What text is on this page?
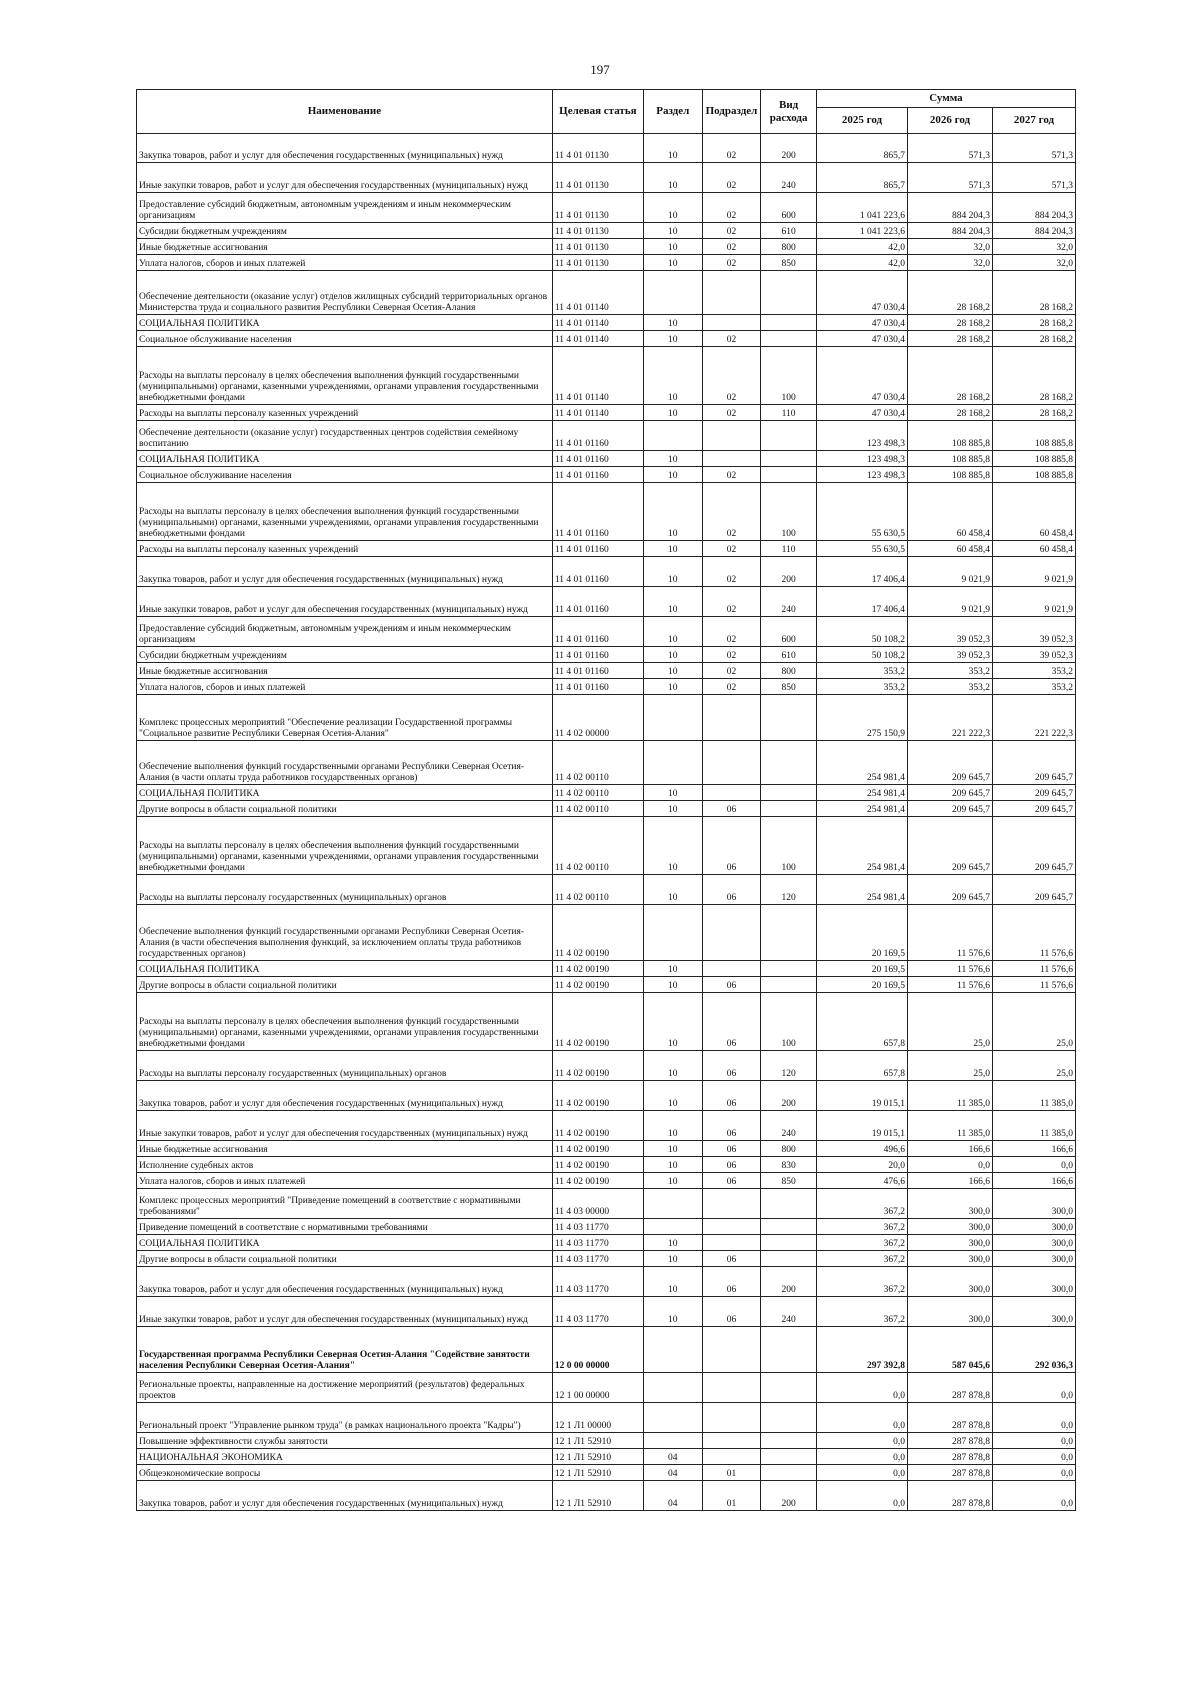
197
Наименование	Целевая статья	Раздел	Подраздел	Вид расхода	Сумма		
					2025 год	2026 год	2027 год
Закупка товаров, работ и услуг для обеспечения государственных (муниципальных) нужд	11 4 01 01130	10	02	200	865,7	571,3	571,3
Иные закупки товаров, работ и услуг для обеспечения государственных (муниципальных) нужд	11 4 01 01130	10	02	240	865,7	571,3	571,3
Предоставление субсидий бюджетным, автономным учреждениям и иным некоммерческим организациям	11 4 01 01130	10	02	600	1 041 223,6	884 204,3	884 204,3
Субсидии бюджетным учреждениям	11 4 01 01130	10	02	610	1 041 223,6	884 204,3	884 204,3
Иные бюджетные ассигнования	11 4 01 01130	10	02	800	42,0	32,0	32,0
Уплата налогов, сборов и иных платежей	11 4 01 01130	10	02	850	42,0	32,0	32,0
Обеспечение деятельности (оказание услуг) отделов жилищных субсидий территориальных органов Министерства труда и социального развития Республики Северная Осетия-Алания	11 4 01 01140				47 030,4	28 168,2	28 168,2
СОЦИАЛЬНАЯ ПОЛИТИКА	11 4 01 01140	10			47 030,4	28 168,2	28 168,2
Социальное обслуживание населения	11 4 01 01140	10	02		47 030,4	28 168,2	28 168,2
Расходы на выплаты персоналу в целях обеспечения выполнения функций государственными (муниципальными) органами, казенными учреждениями, органами управления государственными внебюджетными фондами	11 4 01 01140	10	02	100	47 030,4	28 168,2	28 168,2
Расходы на выплаты персоналу казенных учреждений	11 4 01 01140	10	02	110	47 030,4	28 168,2	28 168,2
Обеспечение деятельности (оказание услуг) государственных центров содействия семейному воспитанию	11 4 01 01160				123 498,3	108 885,8	108 885,8
СОЦИАЛЬНАЯ ПОЛИТИКА	11 4 01 01160	10			123 498,3	108 885,8	108 885,8
Социальное обслуживание населения	11 4 01 01160	10	02		123 498,3	108 885,8	108 885,8
Расходы на выплаты персоналу в целях обеспечения выполнения функций государственными (муниципальными) органами, казенными учреждениями, органами управления государственными внебюджетными фондами	11 4 01 01160	10	02	100	55 630,5	60 458,4	60 458,4
Расходы на выплаты персоналу казенных учреждений	11 4 01 01160	10	02	110	55 630,5	60 458,4	60 458,4
Закупка товаров, работ и услуг для обеспечения государственных (муниципальных) нужд	11 4 01 01160	10	02	200	17 406,4	9 021,9	9 021,9
Иные закупки товаров, работ и услуг для обеспечения государственных (муниципальных) нужд	11 4 01 01160	10	02	240	17 406,4	9 021,9	9 021,9
Предоставление субсидий бюджетным, автономным учреждениям и иным некоммерческим организациям	11 4 01 01160	10	02	600	50 108,2	39 052,3	39 052,3
Субсидии бюджетным учреждениям	11 4 01 01160	10	02	610	50 108,2	39 052,3	39 052,3
Иные бюджетные ассигнования	11 4 01 01160	10	02	800	353,2	353,2	353,2
Уплата налогов, сборов и иных платежей	11 4 01 01160	10	02	850	353,2	353,2	353,2
Комплекс процессных мероприятий "Обеспечение реализации Государственной программы "Социальное развитие Республики Северная Осетия-Алания"	11 4 02 00000				275 150,9	221 222,3	221 222,3
Обеспечение выполнения функций государственными органами Республики Северная Осетия-Алания (в части оплаты труда работников государственных органов)	11 4 02 00110				254 981,4	209 645,7	209 645,7
СОЦИАЛЬНАЯ ПОЛИТИКА	11 4 02 00110	10			254 981,4	209 645,7	209 645,7
Другие вопросы в области социальной политики	11 4 02 00110	10	06		254 981,4	209 645,7	209 645,7
Расходы на выплаты персоналу в целях обеспечения выполнения функций государственными (муниципальными) органами, казенными учреждениями, органами управления государственными внебюджетными фондами	11 4 02 00110	10	06	100	254 981,4	209 645,7	209 645,7
Расходы на выплаты персоналу государственных (муниципальных) органов	11 4 02 00110	10	06	120	254 981,4	209 645,7	209 645,7
Обеспечение выполнения функций государственными органами Республики Северная Осетия-Алания (в части обеспечения выполнения функций, за исключением оплаты труда работников государственных органов)	11 4 02 00190				20 169,5	11 576,6	11 576,6
СОЦИАЛЬНАЯ ПОЛИТИКА	11 4 02 00190	10			20 169,5	11 576,6	11 576,6
Другие вопросы в области социальной политики	11 4 02 00190	10	06		20 169,5	11 576,6	11 576,6
Расходы на выплаты персоналу в целях обеспечения выполнения функций государственными (муниципальными) органами, казенными учреждениями, органами управления государственными внебюджетными фондами	11 4 02 00190	10	06	100	657,8	25,0	25,0
Расходы на выплаты персоналу государственных (муниципальных) органов	11 4 02 00190	10	06	120	657,8	25,0	25,0
Закупка товаров, работ и услуг для обеспечения государственных (муниципальных) нужд	11 4 02 00190	10	06	200	19 015,1	11 385,0	11 385,0
Иные закупки товаров, работ и услуг для обеспечения государственных (муниципальных) нужд	11 4 02 00190	10	06	240	19 015,1	11 385,0	11 385,0
Иные бюджетные ассигнования	11 4 02 00190	10	06	800	496,6	166,6	166,6
Исполнение судебных актов	11 4 02 00190	10	06	830	20,0	0,0	0,0
Уплата налогов, сборов и иных платежей	11 4 02 00190	10	06	850	476,6	166,6	166,6
Комплекс процессных мероприятий "Приведение помещений в соответствие с нормативными требованиями"	11 4 03 00000				367,2	300,0	300,0
Приведение помещений в соответствие с нормативными требованиями	11 4 03 11770				367,2	300,0	300,0
СОЦИАЛЬНАЯ ПОЛИТИКА	11 4 03 11770	10			367,2	300,0	300,0
Другие вопросы в области социальной политики	11 4 03 11770	10	06		367,2	300,0	300,0
Закупка товаров, работ и услуг для обеспечения государственных (муниципальных) нужд	11 4 03 11770	10	06	200	367,2	300,0	300,0
Иные закупки товаров, работ и услуг для обеспечения государственных (муниципальных) нужд	11 4 03 11770	10	06	240	367,2	300,0	300,0
Государственная программа Республики Северная Осетия-Алания "Содействие занятости населения Республики Северная Осетия-Алания"	12 0 00 00000				297 392,8	587 045,6	292 036,3
Региональные проекты, направленные на достижение мероприятий (результатов) федеральных проектов	12 1 00 00000				0,0	287 878,8	0,0
Региональный проект "Управление рынком труда" (в рамках национального проекта "Кадры")	12 1 Л1 00000				0,0	287 878,8	0,0
Повышение эффективности службы занятости	12 1 Л1 52910				0,0	287 878,8	0,0
НАЦИОНАЛЬНАЯ ЭКОНОМИКА	12 1 Л1 52910	04			0,0	287 878,8	0,0
Общеэкономические вопросы	12 1 Л1 52910	04	01		0,0	287 878,8	0,0
Закупка товаров, работ и услуг для обеспечения государственных (муниципальных) нужд	12 1 Л1 52910	04	01	200	0,0	287 878,8	0,0
